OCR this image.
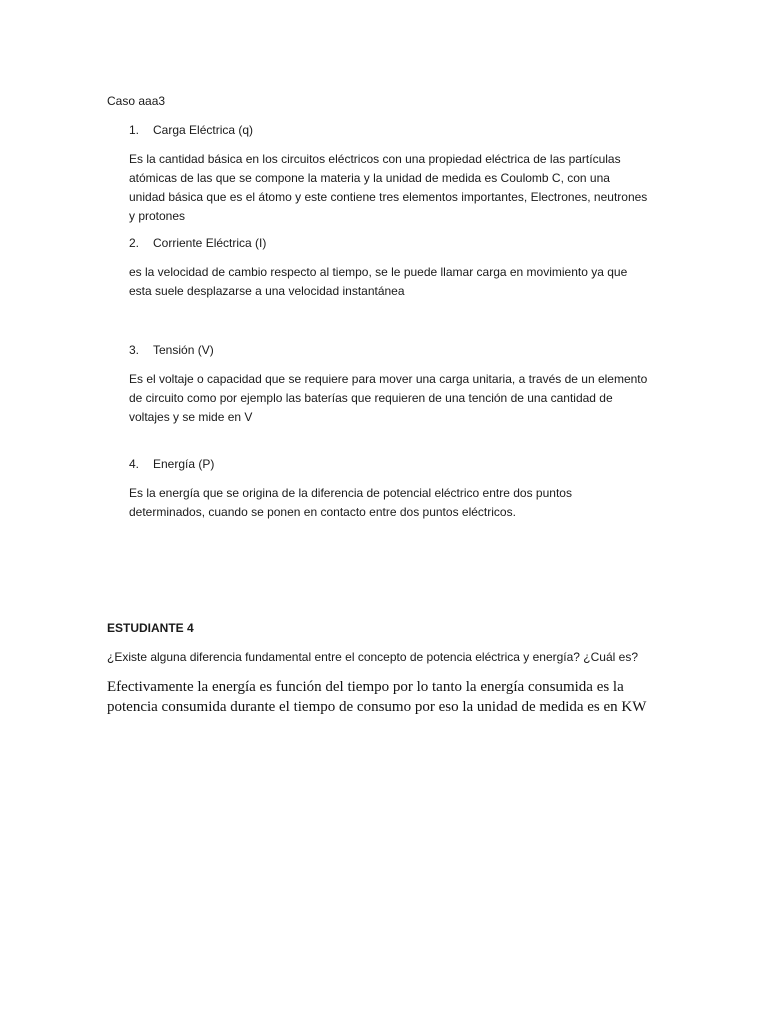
Caso aaa3

1. Carga Eléctrica (q)

Es la cantidad básica en los circuitos eléctricos con una propiedad eléctrica de las partículas atómicas de las que se compone la materia y la unidad de medida es Coulomb C, con una unidad básica que es el átomo y este contiene tres elementos importantes, Electrones, neutrones y protones

2. Corriente Eléctrica (I)

es la velocidad de cambio respecto al tiempo, se le puede llamar carga en movimiento ya que esta suele desplazarse a una velocidad instantánea

3. Tensión (V)

Es el voltaje o capacidad que se requiere para mover una carga unitaria, a través de un elemento de circuito como por ejemplo las baterías que requieren de una tención de una cantidad de voltajes y se mide en V

4. Energía (P)

Es la energía que se origina de la diferencia de potencial eléctrico entre dos puntos determinados, cuando se ponen en contacto entre dos puntos eléctricos.

ESTUDIANTE 4

¿Existe alguna diferencia fundamental entre el concepto de potencia eléctrica y energía? ¿Cuál es?

Efectivamente la energía es función del tiempo por lo tanto la energía consumida es la potencia consumida durante el tiempo de consumo por eso la unidad de medida es en KW
